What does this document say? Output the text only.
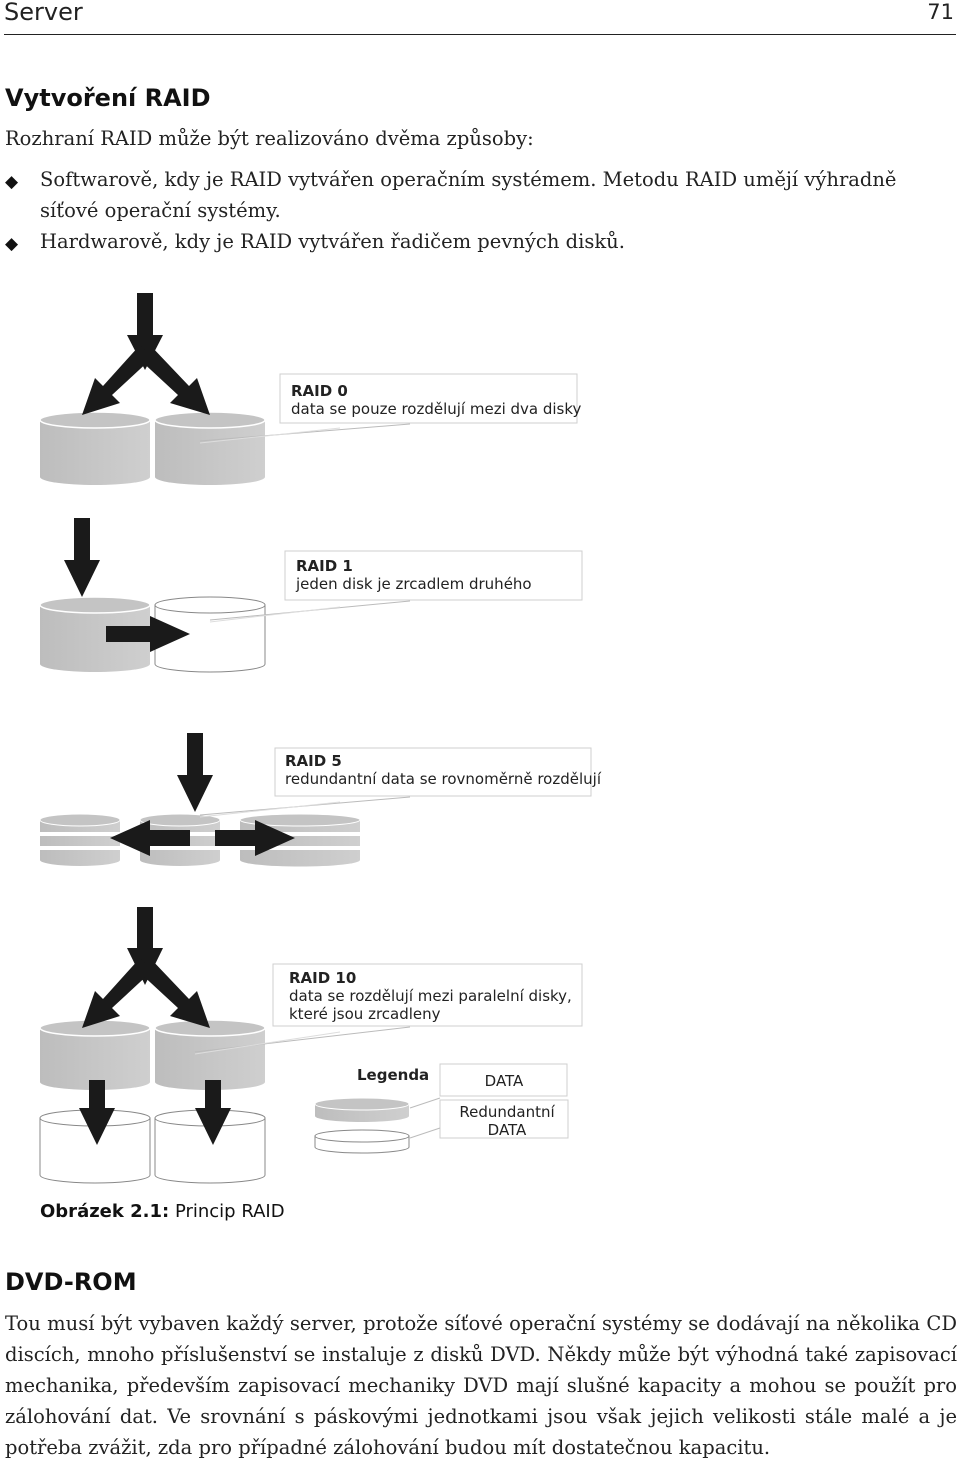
Server	71
Vytvoření RAID
Rozhraní RAID může být realizováno dvěma způsoby:
◆ Softwarově, kdy je RAID vytvářen operačním systémem. Metodu RAID umějí výhradně síťové operační systémy.
◆ Hardwarově, kdy je RAID vytvářen řadičem pevných disků.
RAID 0
data se pouze rozdělují mezi dva disky
RAID 1
jeden disk je zrcadlem druhého
RAID 5
redundantní data se rovnoměrně rozdělují
RAID 10
data se rozdělují mezi paralelní disky,
které jsou zrcadleny
Legenda	DATA
Redundantní
DATA
Obrázek 2.1: Princip RAID
DVD-ROM
Tou musí být vybaven každý server, protože síťové operační systémy se dodávají na několika CD discích, mnoho příslušenství se instaluje z disků DVD. Někdy může být výhodná také zapisovací mechanika, především zapisovací mechaniky DVD mají slušné kapacity a mohou se použít pro zálohování dat. Ve srovnání s páskovými jednotkami jsou však jejich velikosti stále malé a je potřeba zvážit, zda pro případné zálohování budou mít dostatečnou kapacitu.
